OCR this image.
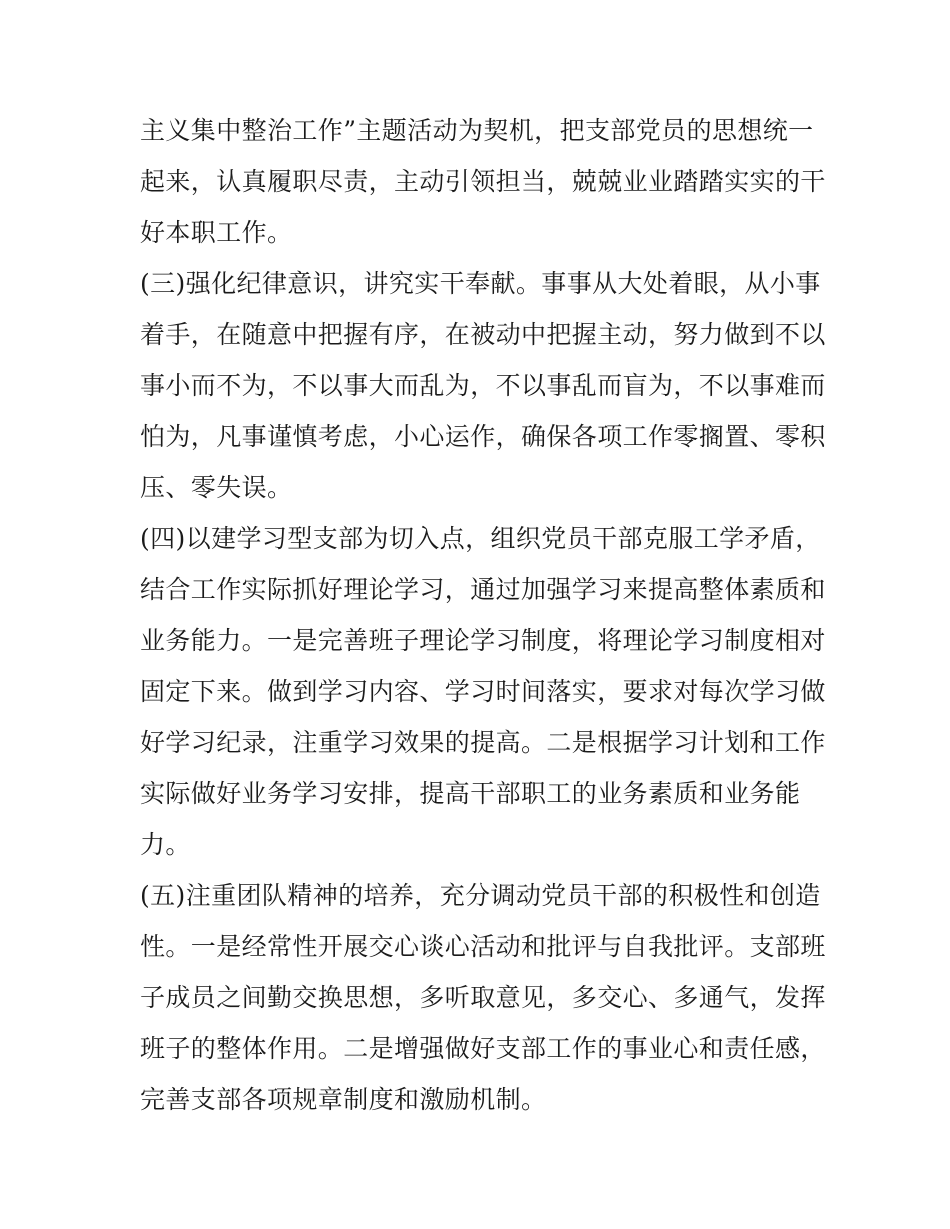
主义集中整治工作”主题活动为契机，把支部党员的思想统一
起来，认真履职尽责，主动引领担当，兢兢业业踏踏实实的干
好本职工作。
(三)强化纪律意识，讲究实干奉献。事事从大处着眼，从小事
着手，在随意中把握有序，在被动中把握主动，努力做到不以
事小而不为，不以事大而乱为，不以事乱而盲为，不以事难而
怕为，凡事谨慎考虑，小心运作，确保各项工作零搁置、零积
压、零失误。
(四)以建学习型支部为切入点，组织党员干部克服工学矛盾，
结合工作实际抓好理论学习，通过加强学习来提高整体素质和
业务能力。一是完善班子理论学习制度，将理论学习制度相对
固定下来。做到学习内容、学习时间落实，要求对每次学习做
好学习纪录，注重学习效果的提高。二是根据学习计划和工作
实际做好业务学习安排，提高干部职工的业务素质和业务能
力。
(五)注重团队精神的培养，充分调动党员干部的积极性和创造
性。一是经常性开展交心谈心活动和批评与自我批评。支部班
子成员之间勤交换思想，多听取意见，多交心、多通气，发挥
班子的整体作用。二是增强做好支部工作的事业心和责任感，
完善支部各项规章制度和激励机制。
